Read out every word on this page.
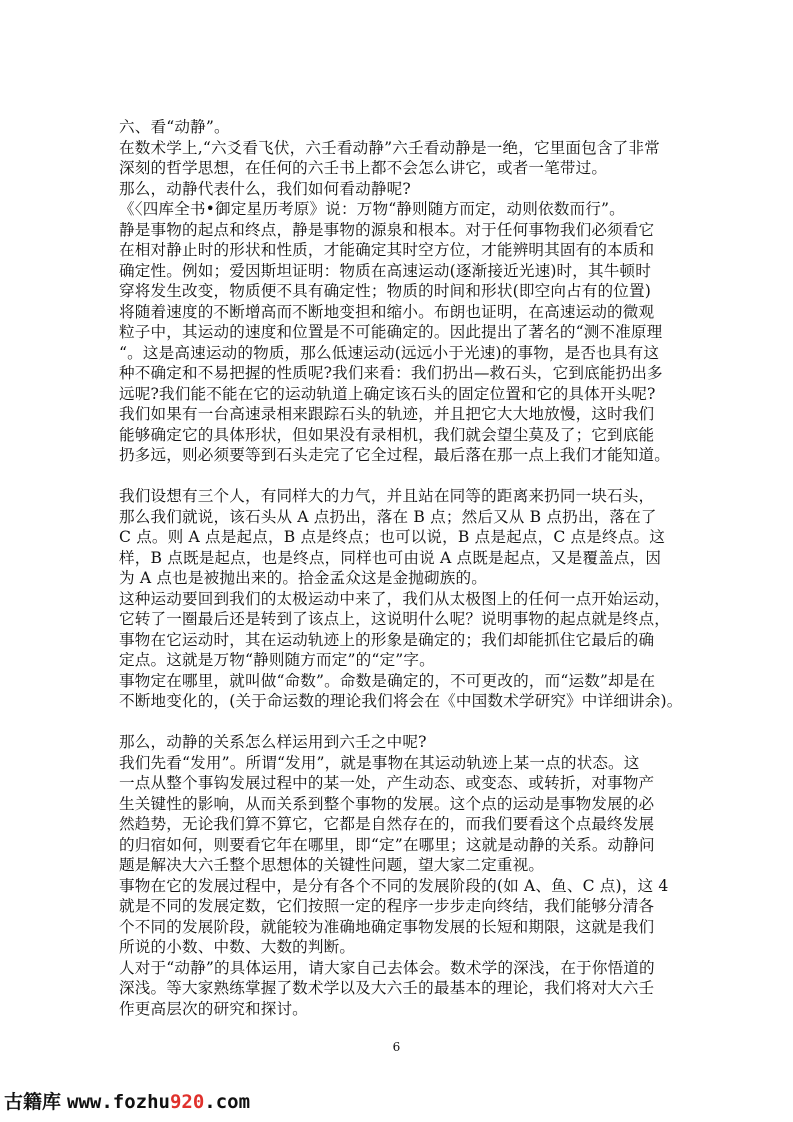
六、看“动静”。
在数术学上,“六爻看飞伏，六壬看动静”六壬看动静是一绝，它里面包含了非常
深刻的哲学思想，在任何的六壬书上都不会怎么讲它，或者一笔带过。
那么，动静代表什么，我们如何看动静呢?
《〈四库全书•御定星历考原》说：万物“静则随方而定，动则依数而行”。
静是事物的起点和终点，静是事物的源泉和根本。对于任何事物我们必须看它
在相对静止时的形状和性质，才能确定其时空方位，才能辨明其固有的本质和
确定性。例如；爱因斯坦证明：物质在高速运动(逐渐接近光速)时，其牛顿时
穿将发生改变，物质便不具有确定性；物质的时间和形状(即空向占有的位置)
将随着速度的不断增高而不断地变担和缩小。布朗也证明，在高速运动的微观
粒子中，其运动的速度和位置是不可能确定的。因此提出了著名的“测不准原理
“。这是高速运动的物质，那么低速运动(远远小于光速)的事物，是否也具有这
种不确定和不易把握的性质呢?我们来看：我们扔出—救石头，它到底能扔出多
远呢?我们能不能在它的运动轨道上确定该石头的固定位置和它的具体开头呢?
我们如果有一台高速录相来跟踪石头的轨迹，并且把它大大地放慢，这时我们
能够确定它的具体形状，但如果没有录相机，我们就会望尘莫及了；它到底能
扔多远，则必须要等到石头走完了它全过程，最后落在那一点上我们才能知道。
我们设想有三个人，有同样大的力气，并且站在同等的距离来扔同一块石头，
那么我们就说，该石头从 A 点扔出，落在 B 点；然后又从 B 点扔出，落在了
C 点。则 A 点是起点，B 点是终点；也可以说，B 点是起点，C 点是终点。这
样，B 点既是起点，也是终点，同样也可由说 A 点既是起点，又是覆盖点，因
为 A 点也是被抛出来的。拾金孟众这是金抛砌族的。
这种运动要回到我们的太极运动中来了，我们从太极图上的任何一点开始运动，
它转了一圈最后还是转到了该点上，这说明什么呢？说明事物的起点就是终点，
事物在它运动时，其在运动轨迹上的形象是确定的；我们却能抓住它最后的确
定点。这就是万物“静则随方而定”的“定”字。
事物定在哪里，就叫做“命数”。命数是确定的，不可更改的，而“运数”却是在
不断地变化的，(关于命运数的理论我们将会在《中国数术学研究》中详细讲余)。
那么，动静的关系怎么样运用到六壬之中呢?
我们先看“发用”。所谓“发用”，就是事物在其运动轨迹上某一点的状态。这
一点从整个事钩发展过程中的某一处，产生动态、或变态、或转折，对事物产
生关键性的影响，从而关系到整个事物的发展。这个点的运动是事物发展的必
然趋势，无论我们算不算它，它都是自然存在的，而我们要看这个点最终发展
的归宿如何，则要看它年在哪里，即“定”在哪里；这就是动静的关系。动静问
题是解决大六壬整个思想体的关键性问题，望大家二定重视。
事物在它的发展过程中，是分有各个不同的发展阶段的(如 A、鱼、C 点)，这 4
就是不同的发展定数，它们按照一定的程序一步步走向终结，我们能够分清各
个不同的发展阶段，就能较为准确地确定事物发展的长短和期限，这就是我们
所说的小数、中数、大数的判断。
人对于“动静”的具体运用，请大家自己去体会。数术学的深浅，在于你悟道的
深浅。等大家熟练掌握了数术学以及大六壬的最基本的理论，我们将对大六壬
作更高层次的研究和探讨。
6
古籍库 www.fozhu920.com
